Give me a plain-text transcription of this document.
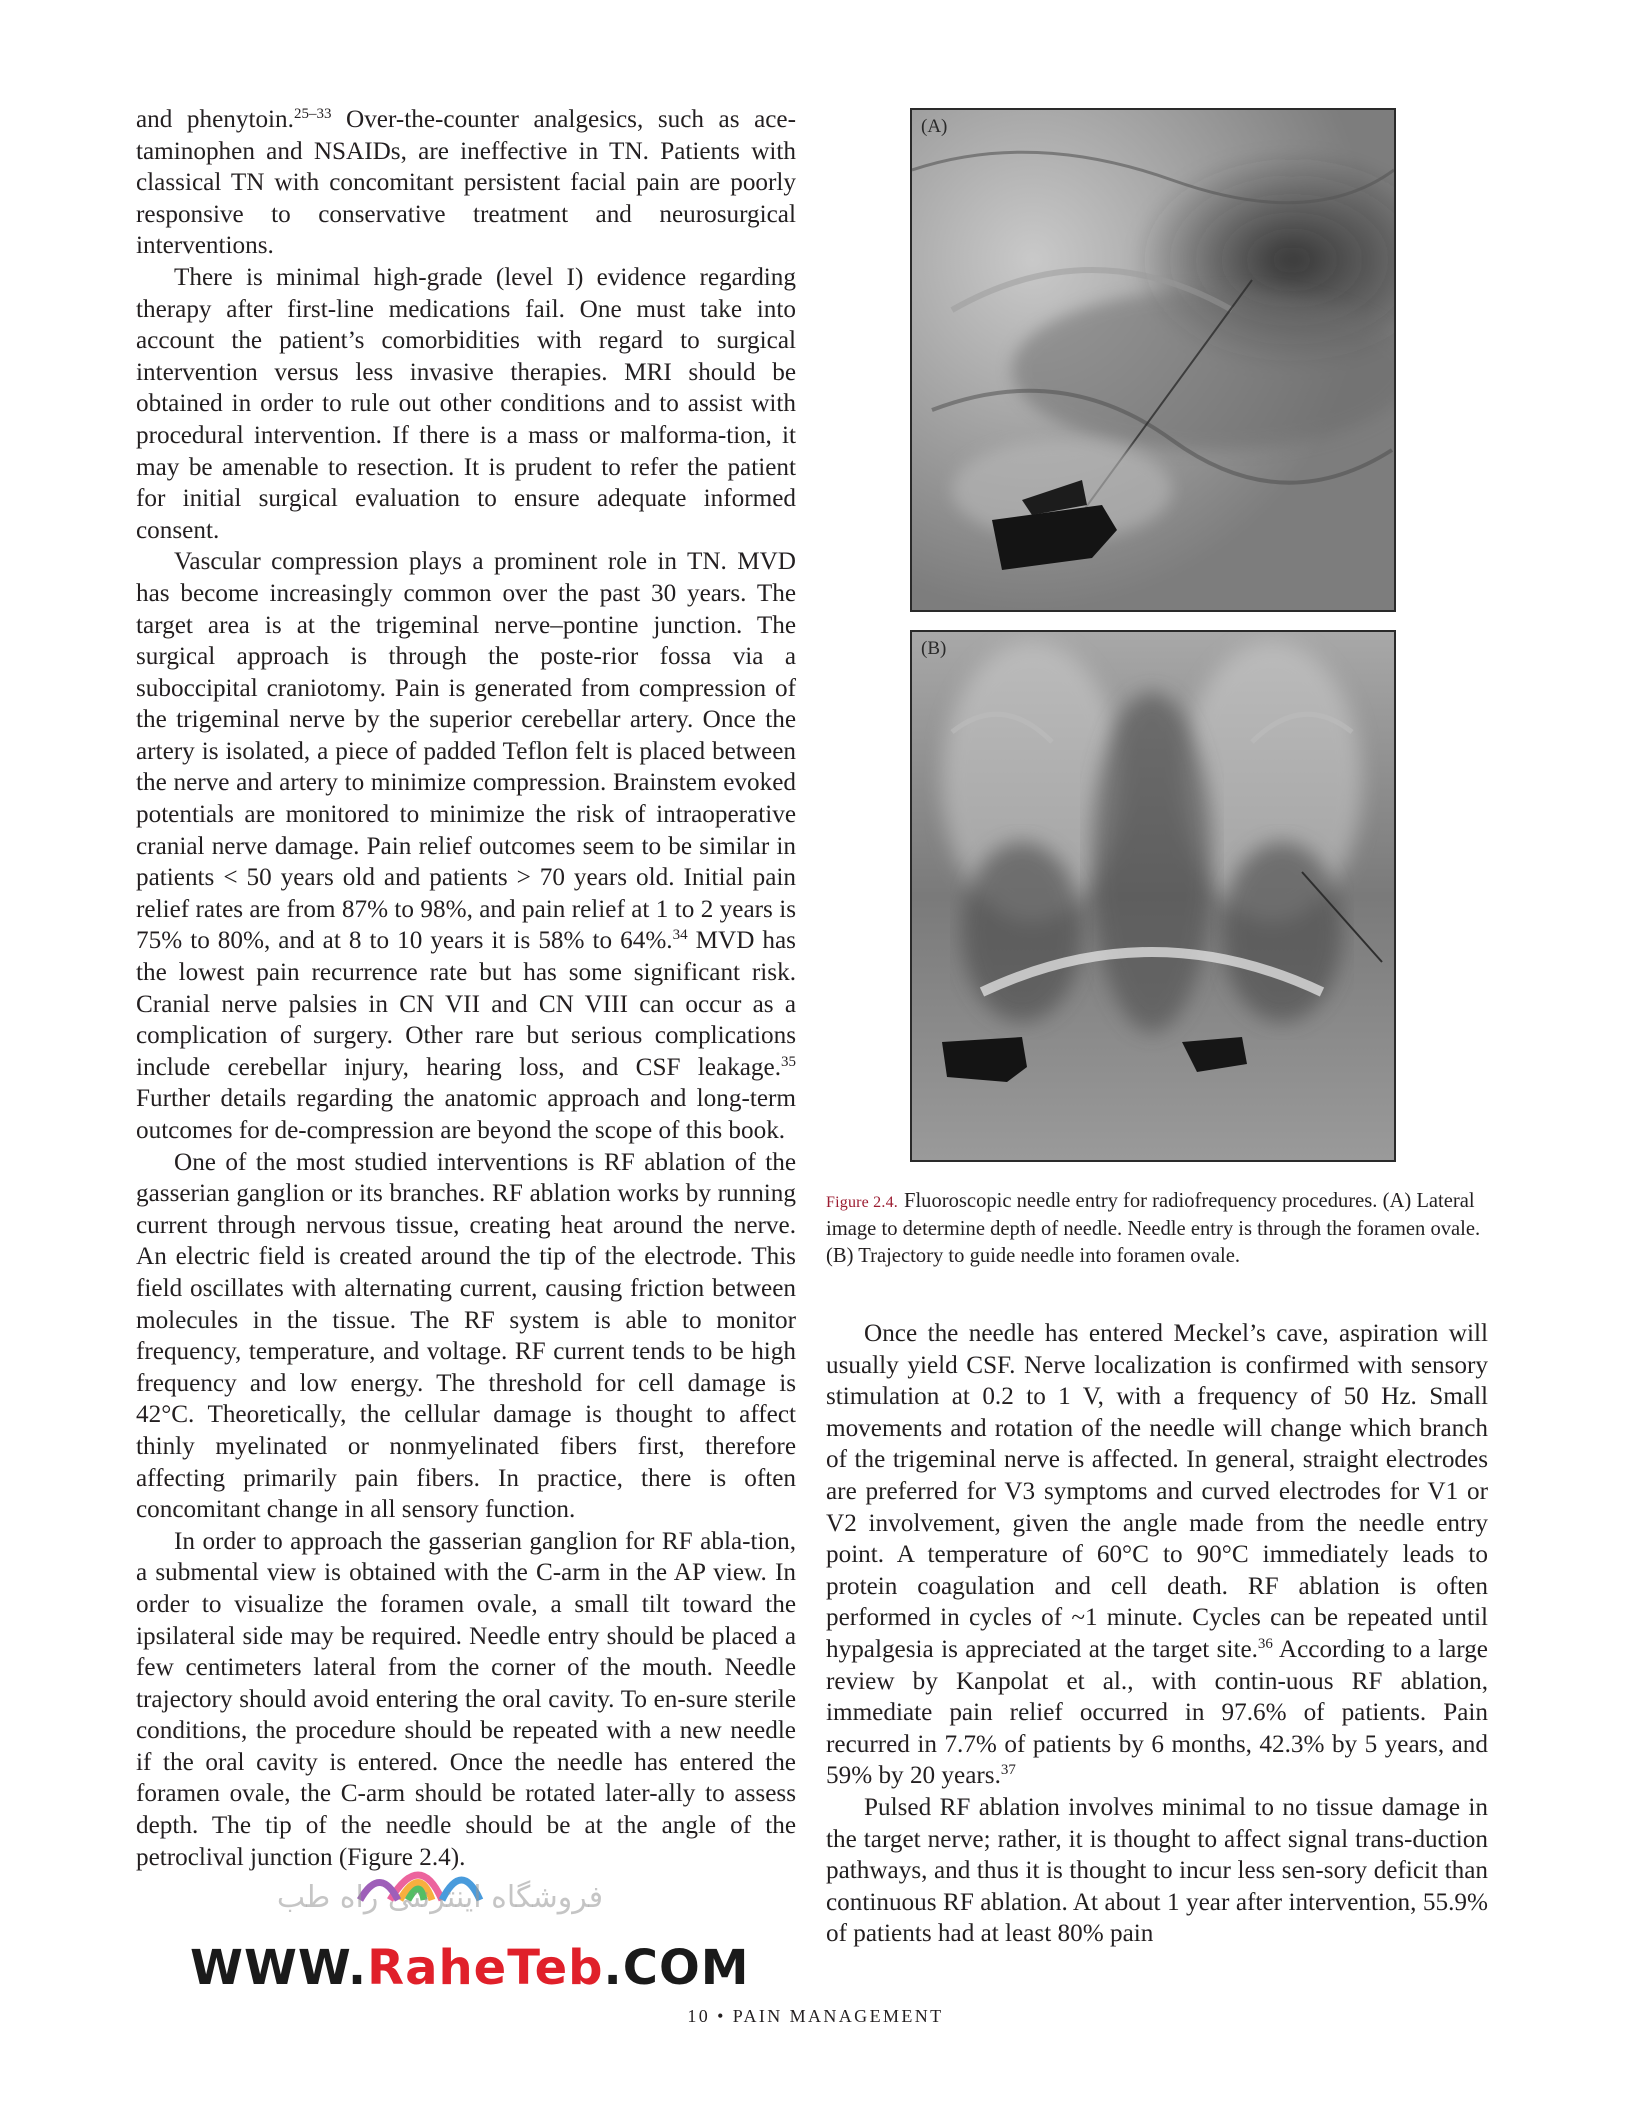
and phenytoin.$^{25-33}$ Over-the-counter analgesics, such as ace-taminophen and NSAIDs, are ineffective in TN. Patients with classical TN with concomitant persistent facial pain are poorly responsive to conservative treatment and neurosurgical interventions.

There is minimal high-grade (level I) evidence regarding therapy after first-line medications fail. One must take into account the patient’s comorbidities with regard to surgical intervention versus less invasive therapies. MRI should be obtained in order to rule out other conditions and to assist with procedural intervention. If there is a mass or malforma-tion, it may be amenable to resection. It is prudent to refer the patient for initial surgical evaluation to ensure adequate informed consent.

Vascular compression plays a prominent role in TN. MVD has become increasingly common over the past 30 years. The target area is at the trigeminal nerve–pontine junction. The surgical approach is through the poste-rior fossa via a suboccipital craniotomy. Pain is generated from compression of the trigeminal nerve by the superior cerebellar artery. Once the artery is isolated, a piece of padded Teflon felt is placed between the nerve and artery to minimize compression. Brainstem evoked potentials are monitored to minimize the risk of intraoperative cranial nerve damage. Pain relief outcomes seem to be similar in patients < 50 years old and patients > 70 years old. Initial pain relief rates are from 87% to 98%, and pain relief at 1 to 2 years is 75% to 80%, and at 8 to 10 years it is 58% to 64%.$^{34}$ MVD has the lowest pain recurrence rate but has some significant risk. Cranial nerve palsies in CN VII and CN VIII can occur as a complication of surgery. Other rare but serious complications include cerebellar injury, hearing loss, and CSF leakage.$^{35}$ Further details regarding the anatomic approach and long-term outcomes for de-compression are beyond the scope of this book.

One of the most studied interventions is RF ablation of the gasserian ganglion or its branches. RF ablation works by running current through nervous tissue, creating heat around the nerve. An electric field is created around the tip of the electrode. This field oscillates with alternating current, causing friction between molecules in the tissue. The RF system is able to monitor frequency, temperature, and voltage. RF current tends to be high frequency and low energy. The threshold for cell damage is 42°C. Theoretically, the cellular damage is thought to affect thinly myelinated or nonmyelinated fibers first, therefore affecting primarily pain fibers. In practice, there is often concomitant change in all sensory function.

In order to approach the gasserian ganglion for RF abla-tion, a submental view is obtained with the C-arm in the AP view. In order to visualize the foramen ovale, a small tilt toward the ipsilateral side may be required. Needle entry should be placed a few centimeters lateral from the corner of the mouth. Needle trajectory should avoid entering the oral cavity. To en-sure sterile conditions, the procedure should be repeated with a new needle if the oral cavity is entered. Once the needle has entered the foramen ovale, the C-arm should be rotated later-ally to assess depth. The tip of the needle should be at the angle of the petroclival junction (Figure 2.4).

(A)
(B)
Figure 2.4. Fluoroscopic needle entry for radiofrequency procedures. (A) Lateral image to determine depth of needle. Needle entry is through the foramen ovale. (B) Trajectory to guide needle into foramen ovale.

Once the needle has entered Meckel’s cave, aspiration will usually yield CSF. Nerve localization is confirmed with sensory stimulation at 0.2 to 1 V, with a frequency of 50 Hz. Small movements and rotation of the needle will change which branch of the trigeminal nerve is affected. In general, straight electrodes are preferred for V3 symptoms and curved electrodes for V1 or V2 involvement, given the angle made from the needle entry point. A temperature of 60°C to 90°C immediately leads to protein coagulation and cell death. RF ablation is often performed in cycles of ~1 minute. Cycles can be repeated until hypalgesia is appreciated at the target site.$^{36}$ According to a large review by Kanpolat et al., with contin-uous RF ablation, immediate pain relief occurred in 97.6% of patients. Pain recurred in 7.7% of patients by 6 months, 42.3% by 5 years, and 59% by 20 years.$^{37}$

Pulsed RF ablation involves minimal to no tissue damage in the target nerve; rather, it is thought to affect signal trans-duction pathways, and thus it is thought to incur less sen-sory deficit than continuous RF ablation. At about 1 year after intervention, 55.9% of patients had at least 80% pain

فروشگاه اینترنتی راه طب
WWW.RaheTeb.COM
10 • PAIN MANAGEMENT
